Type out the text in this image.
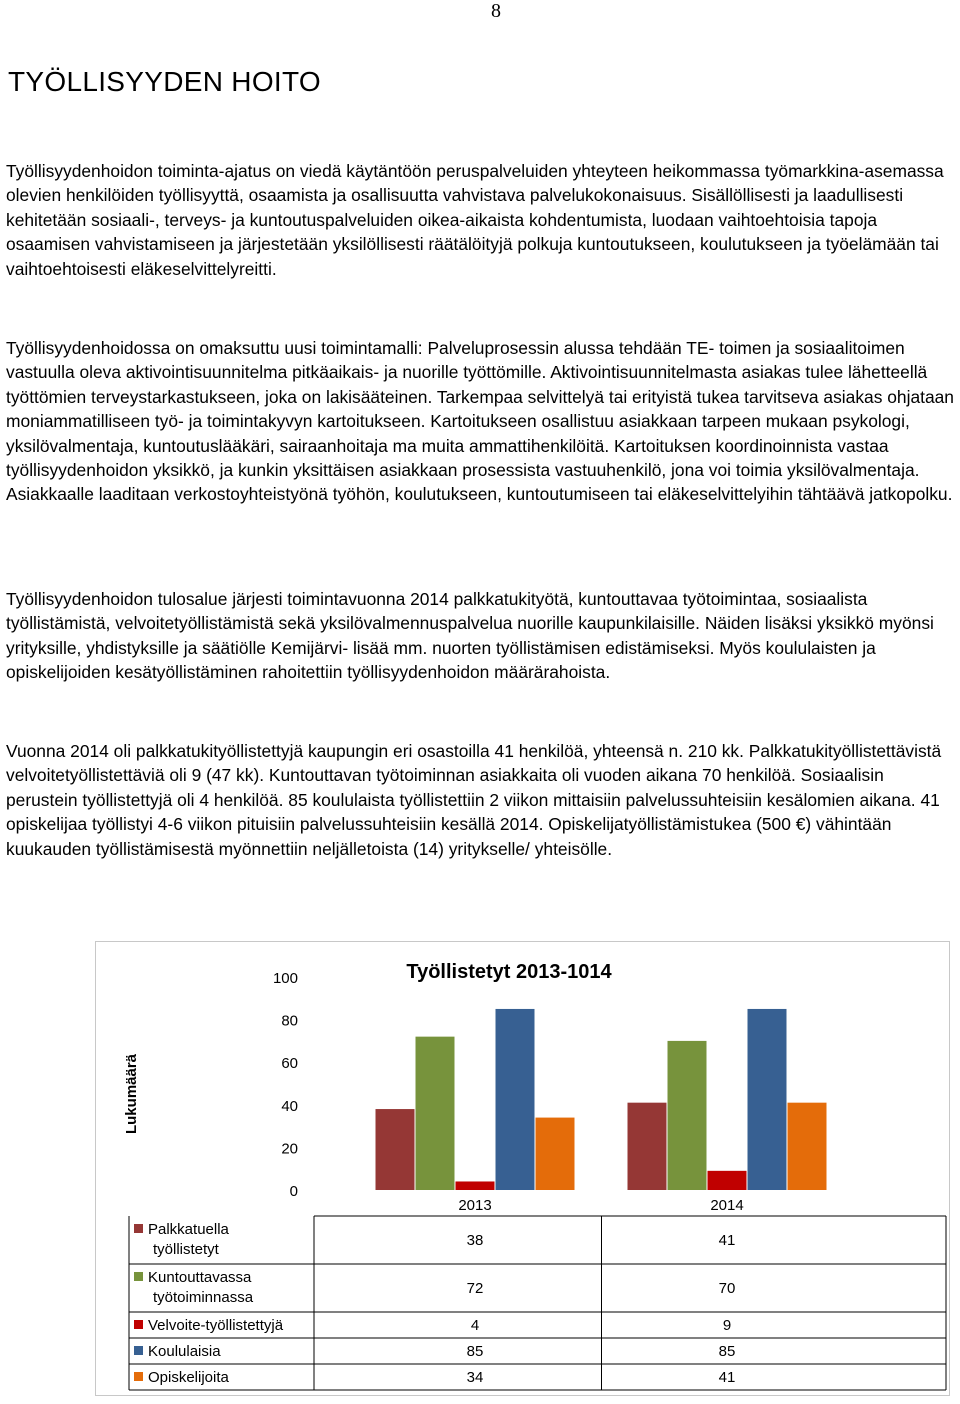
8
TYÖLLISYYDEN HOITO

Työllisyydenhoidon toiminta-ajatus on viedä käytäntöön peruspalveluiden yhteyteen heikommassa työmarkkina-asemassa olevien henkilöiden työllisyyttä, osaamista ja osallisuutta vahvistava palvelukokonaisuus. Sisällöllisesti ja laadullisesti kehitetään sosiaali-, terveys- ja kuntoutuspalveluiden oikea-aikaista kohdentumista, luodaan vaihtoehtoisia tapoja osaamisen vahvistamiseen ja järjestetään yksilöllisesti räätälöityjä polkuja kuntoutukseen, koulutukseen ja työelämään tai vaihtoehtoisesti eläkeselvittelyreitti.

Työllisyydenhoidossa on omaksuttu uusi toimintamalli: Palveluprosessin alussa tehdään TE- toimen ja sosiaalitoimen vastuulla oleva aktivointisuunnitelma pitkäaikais- ja nuorille työttömille. Aktivointisuunnitelmasta asiakas tulee lähetteellä työttömien terveystarkastukseen, joka on lakisääteinen. Tarkempaa selvittelyä tai erityistä tukea tarvitseva asiakas ohjataan moniammatilliseen työ- ja toimintakyvyn kartoitukseen. Kartoitukseen osallistuu asiakkaan tarpeen mukaan psykologi, yksilövalmentaja, kuntoutuslääkäri, sairaanhoitaja ma muita ammattihenkilöitä. Kartoituksen koordinoinnista vastaa työllisyydenhoidon yksikkö, ja kunkin yksittäisen asiakkaan prosessista vastuuhenkilö, jona voi toimia yksilövalmentaja. Asiakkaalle laaditaan verkostoyhteistyönä työhön, koulutukseen, kuntoutumiseen tai eläkeselvittelyihin tähtäävä jatkopolku.

Työllisyydenhoidon tulosalue järjesti toimintavuonna 2014 palkkatukityötä, kuntouttavaa työtoimintaa, sosiaalista työllistämistä, velvoitetyöllistämistä sekä yksilövalmennuspalvelua nuorille kaupunkilaisille. Näiden lisäksi yksikkö myönsi yrityksille, yhdistyksille ja säätiölle Kemijärvi- lisää mm. nuorten työllistämisen edistämiseksi. Myös koululaisten ja opiskelijoiden kesätyöllistäminen rahoitettiin työllisyydenhoidon määrärahoista.

Vuonna 2014 oli palkkatukityöllistettyjä kaupungin eri osastoilla 41 henkilöä, yhteensä n. 210 kk. Palkkatukityöllistettävistä velvoitetyöllistettäviä oli 9 (47 kk). Kuntouttavan työtoiminnan asiakkaita oli vuoden aikana 70 henkilöä. Sosiaalisin perustein työllistettyjä oli 4 henkilöä. 85 koululaista työllistettiin 2 viikon mittaisiin palvelussuhteisiin kesälomien aikana. 41 opiskelijaa työllistyi 4-6 viikon pituisiin palvelussuhteisiin kesällä 2014. Opiskelijatyöllistämistukea (500 €) vähintään kuukauden työllistämisestä myönnettiin neljälletoista (14) yritykselle/ yhteisölle.

Työllistetyt 2013-1014
Lukumäärä
0
20
40
60
80
100
2013	2014
Palkkatuella
työllistetyt
38	41
Kuntouttavassa
työtoiminnassa
72	70
Velvoite-työllistettyjä	4	9
Koululaisia	85	85
Opiskelijoita	34	41
